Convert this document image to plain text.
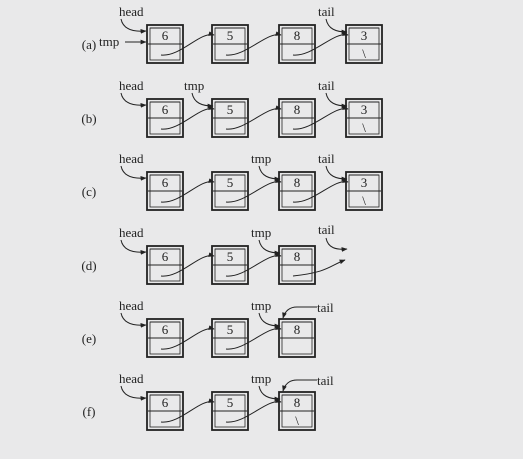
(a)
6	5	8	3
\
head
tmp
tail
(b)
6	5	8	3
\
head	tmp	tail
(c)
6	5	8	3
\
head	tmp	tail
(d)
6	5	8
head	tmp	tail
(e)
6	5	8
head	tmp	tail
(f)
6	5	8
\
head	tmp	tail
